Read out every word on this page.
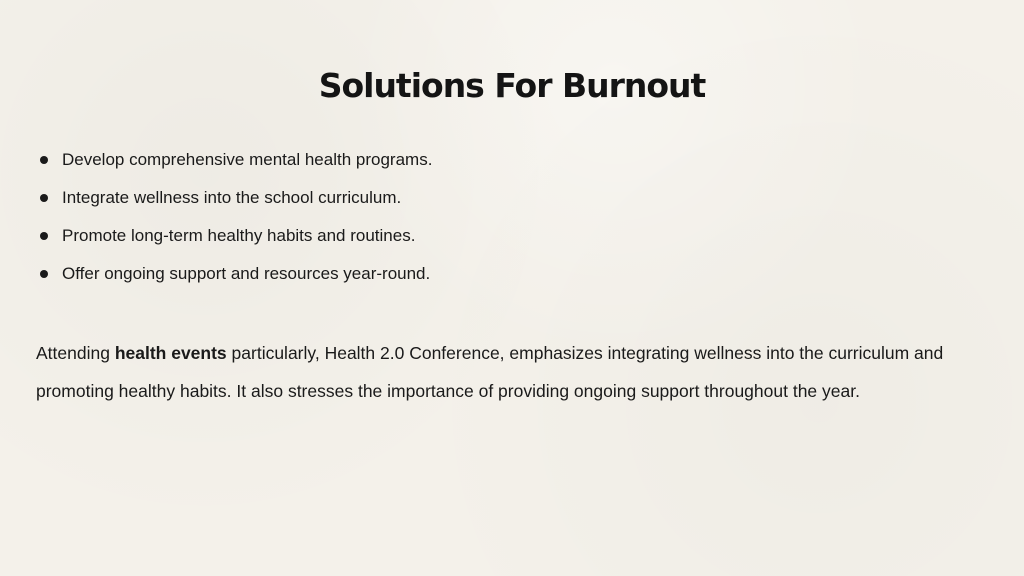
Solutions For Burnout
Develop comprehensive mental health programs.
Integrate wellness into the school curriculum.
Promote long-term healthy habits and routines.
Offer ongoing support and resources year-round.

Attending health events particularly, Health 2.0 Conference, emphasizes integrating wellness into the curriculum and promoting healthy habits. It also stresses the importance of providing ongoing support throughout the year.
